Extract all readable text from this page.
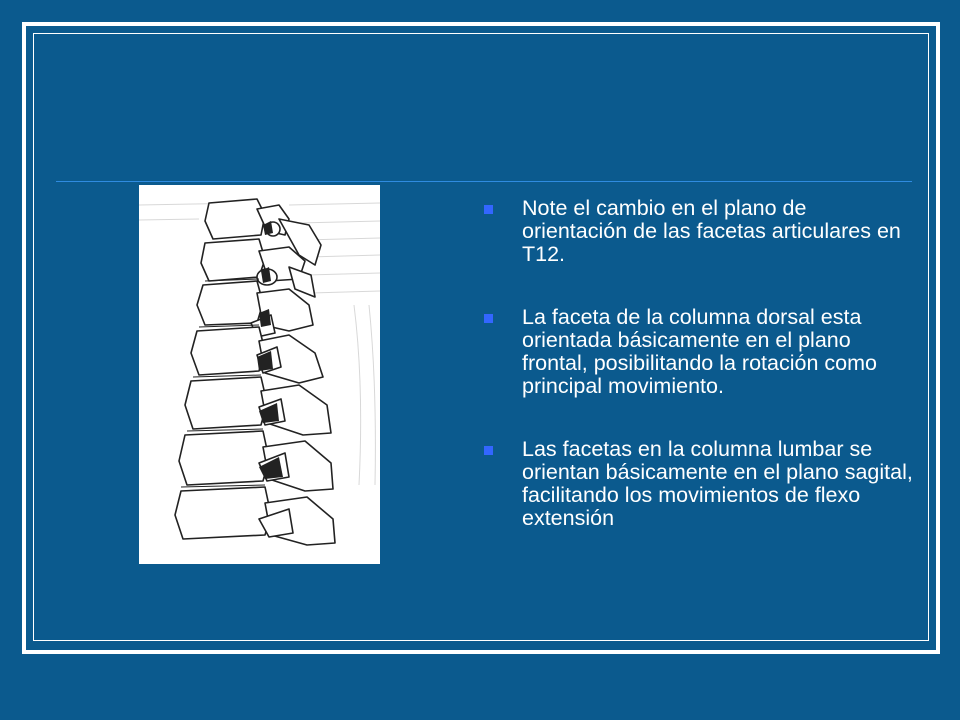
Note el cambio en el plano de orientación de las facetas articulares en T12.
La faceta de la columna dorsal esta orientada básicamente en el plano frontal, posibilitando la rotación como principal movimiento.
Las facetas en la columna lumbar se orientan básicamente en el plano sagital, facilitando los movimientos de flexo extensión
